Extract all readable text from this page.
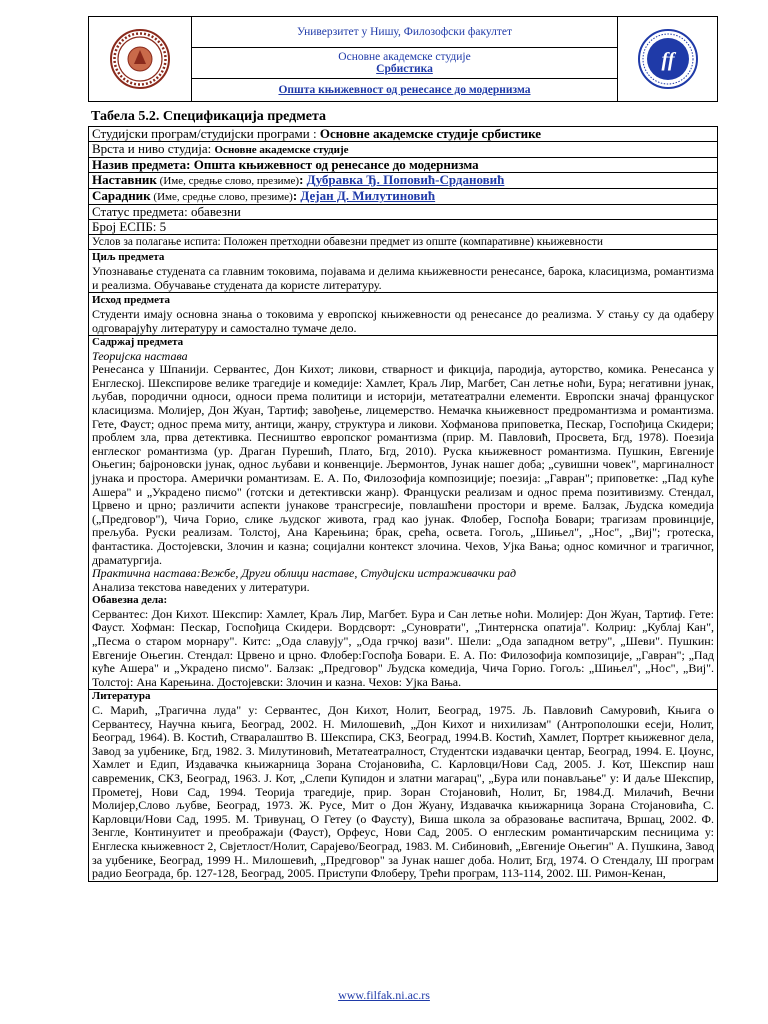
Универзитет у Нишу, Филозофски факултет
Основне академске студије
Србистика
Општа књижевност од ренесансе до модернизма
ff
Табела 5.2. Спецификација предмета
Студијски програм/студијски програми : Основне академске студије србистике
Врста и ниво студија: Основне академске студије
Назив предмета: Општа књижевност од ренесансе до модернизма
Наставник (Име, средње слово, презиме): Дубравка Ђ. Поповић-Срдановић
Сарадник (Име, средње слово, презиме): Дејан Д. Милутиновић
Статус предмета: обавезни
Број ЕСПБ: 5
Услов за полагање испита: Положен претходни обавезни предмет из опште (компаративне) књижевности

Циљ предмета
Упознавање студената са главним токовима, појавама и делима књижевности ренесансе, барока, класицизма, романтизма и реализма. Обучавање студената да користе литературу.

Исход предмета
Студенти имају основна знања о токовима у европској књижевности од ренесансе до реализма. У стању су да одаберу одговарајућу литературу и самостално тумаче дело.

Садржај предмета
Теоријска настава
Ренесанса у Шпанији. Сервантес, Дон Кихот; ликови, стварност и фикција, пародија, ауторство, комика. Ренесанса у Енглеској. Шекспирове велике трагедије и комедије: Хамлет, Краљ Лир, Магбет, Сан летње ноћи, Бура; негативни јунак, љубав, породични односи, односи према политици и историји, метатеатрални елементи. Европски значај француског класицизма. Молијер, Дон Жуан, Тартиф; завођење, лицемерство. Немачка књижевност предромантизма и романтизма. Гете, Фауст; однос према миту, антици, жанру, структура и ликови. Хофманова приповетка, Пескар, Госпођица Скидери; проблем зла, прва детективка. Песништво европског романтизма (прир. М. Павловић, Просвета, Бгд, 1978). Поезија енглеског романтизма (ур. Драган Пурешић, Плато, Бгд, 2010). Руска књижевност романтизма. Пушкин, Евгеније Оњегин; бајроновски јунак, однос љубави и конвенције. Љермонтов, Јунак нашег доба; „сувишни човек", маргиналност јунака и простора. Амерички романтизам. Е. А. По, Филозофија композиције; поезија: „Гавран"; приповетке: „Пад куће Ашера" и „Украдено писмо" (готски и детективски жанр). Француски реализам и однос према позитивизму. Стендал, Црвено и црно; различити аспекти јунакове трансгресије, повлашћени простори и време. Балзак, Људска комедија („Предговор"), Чича Горио, слике људског живота, град као јунак. Флобер, Госпођа Бовари; трагизам провинције, прељуба. Руски реализам. Толстој, Ана Карењина; брак, срећа, освета. Гогољ, „Шињел", „Нос", „Виј"; гротеска, фантастика. Достојевски, Злочин и казна; социјални контекст злочина. Чехов, Ујка Вања; однос комичног и трагичног, драматургија.
Практична настава:Вежбе, Други облици наставе, Студијски истраживачки рад
Анализа текстова наведених у литератури.
Обавезна дела:
Сервантес: Дон Кихот. Шекспир: Хамлет, Краљ Лир, Магбет. Бура и Сан летње ноћи. Молијер: Дон Жуан, Тартиф. Гете: Фауст. Хофман: Пескар, Госпођица Скидери. Вордсворт: „Суноврати", „Тинтернска опатија". Колриџ: „Кублај Кан", „Песма о старом морнару". Китс: „Ода славују", „Ода грчкој вази". Шели: „Ода западном ветру", „Шеви". Пушкин: Евгеније Оњегин. Стендал: Црвено и црно. Флобер:Госпођа Бовари. Е. А. По: Филозофија композиције, „Гавран"; „Пад куће Ашера" и „Украдено писмо". Балзак: „Предговор" Људска комедија, Чича Горио. Гогољ: „Шињел", „Нос", „Виј". Толстој: Ана Карењина. Достојевски: Злочин и казна. Чехов: Ујка Вања.

Литература
С. Марић, „Трагична луда" у: Сервантес, Дон Кихот, Нолит, Београд, 1975. Љ. Павловић Самуровић, Књига о Сервантесу, Научна књига, Београд, 2002. Н. Милошевић, „Дон Кихот и нихилизам" (Антрополошки есеји, Нолит, Београд, 1964). В. Костић, Стваралаштво В. Шекспира, СКЗ, Београд, 1994.В. Костић, Хамлет, Портрет књижевног дела, Завод за уџбенике, Бгд, 1982. З. Милутиновић, Метатеатралност, Студентски издавачки центар, Београд, 1994. Е. Џоунс, Хамлет и Едип, Издавачка књижарница Зорана Стојановића, С. Карловци/Нови Сад, 2005. Ј. Кот, Шекспир наш савременик, СКЗ, Београд, 1963. Ј. Кот, „Слепи Купидон и златни магарац", „Бура или понављање" у: И даље Шекспир, Прометеј, Нови Сад, 1994. Теорија трагедије, прир. Зоран Стојановић, Нолит, Бг, 1984.Д. Милачић, Вечни Молијер,Слово љубве, Београд, 1973. Ж. Русе, Мит о Дон Жуану, Издавачка књижарница Зорана Стојановића, С. Карловци/Нови Сад, 1995. М. Тривунац, О Гетеу (о Фаусту), Виша школа за образовање васпитача, Вршац, 2002. Ф. Зенгле, Континуитет и преображаји (Фауст), Орфеус, Нови Сад, 2005. О енглеским романтичарским песницима у: Енглеска књижевност 2, Свјетлост/Нолит, Сарајево/Београд, 1983. М. Сибиновић, „Евгеније Оњегин" А. Пушкина, Завод за уџбенике, Београд, 1999 Н.. Милошевић, „Предговор" за Јунак нашег доба. Нолит, Бгд, 1974. О Стендалу, Ш програм радио Београда, бр. 127-128, Београд, 2005. Приступи Флоберу, Трећи програм, 113-114, 2002. Ш. Римон-Кенан,
www.filfak.ni.ac.rs
